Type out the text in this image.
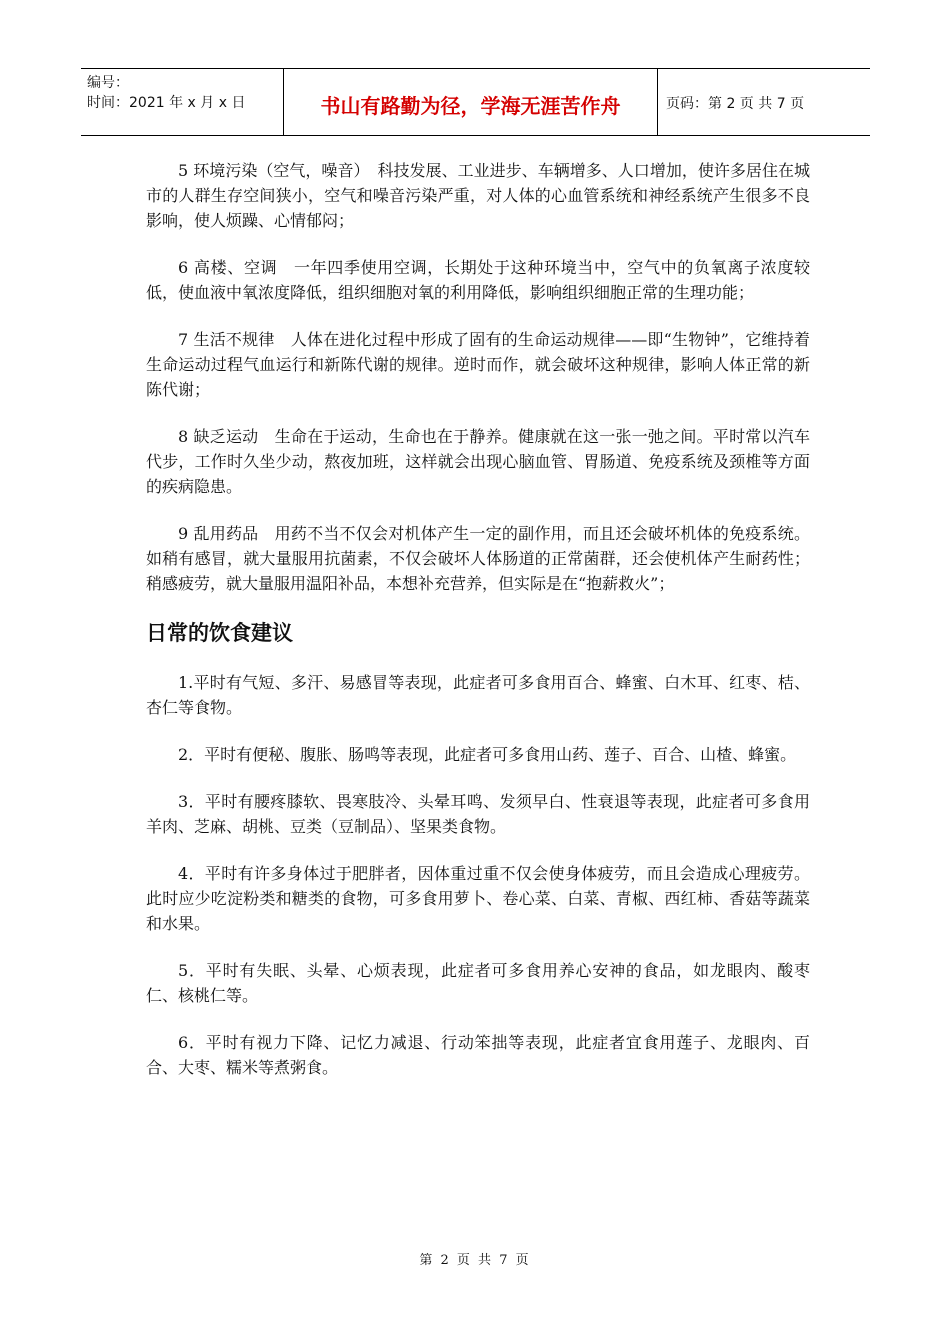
编号：
时间：2021 年 x 月 x 日	书山有路勤为径，学海无涯苦作舟	页码：第 2 页 共 7 页

5 环境污染（空气，噪音）　科技发展、工业进步、车辆增多、人口增加，使许多居住在城市的人群生存空间狭小，空气和噪音污染严重，对人体的心血管系统和神经系统产生很多不良影响，使人烦躁、心情郁闷；

6 高楼、空调　一年四季使用空调，长期处于这种环境当中，空气中的负氧离子浓度较低，使血液中氧浓度降低，组织细胞对氧的利用降低，影响组织细胞正常的生理功能；

7 生活不规律　人体在进化过程中形成了固有的生命运动规律——即“生物钟”，它维持着生命运动过程气血运行和新陈代谢的规律。逆时而作，就会破坏这种规律，影响人体正常的新陈代谢；

8 缺乏运动　生命在于运动，生命也在于静养。健康就在这一张一弛之间。平时常以汽车代步，工作时久坐少动，熬夜加班，这样就会出现心脑血管、胃肠道、免疫系统及颈椎等方面的疾病隐患。

9 乱用药品　用药不当不仅会对机体产生一定的副作用，而且还会破坏机体的免疫系统。如稍有感冒，就大量服用抗菌素，不仅会破坏人体肠道的正常菌群，还会使机体产生耐药性；稍感疲劳，就大量服用温阳补品，本想补充营养，但实际是在“抱薪救火”；

日常的饮食建议

1.平时有气短、多汗、易感冒等表现，此症者可多食用百合、蜂蜜、白木耳、红枣、桔、杏仁等食物。

2．平时有便秘、腹胀、肠鸣等表现，此症者可多食用山药、莲子、百合、山楂、蜂蜜。

3．平时有腰疼膝软、畏寒肢冷、头晕耳鸣、发须早白、性衰退等表现，此症者可多食用羊肉、芝麻、胡桃、豆类（豆制品）、坚果类食物。

4．平时有许多身体过于肥胖者，因体重过重不仅会使身体疲劳，而且会造成心理疲劳。此时应少吃淀粉类和糖类的食物，可多食用萝卜、卷心菜、白菜、青椒、西红柿、香菇等蔬菜和水果。

5．平时有失眠、头晕、心烦表现，此症者可多食用养心安神的食品，如龙眼肉、酸枣仁、核桃仁等。

6．平时有视力下降、记忆力减退、行动笨拙等表现，此症者宜食用莲子、龙眼肉、百合、大枣、糯米等煮粥食。

第 2 页 共 7 页
